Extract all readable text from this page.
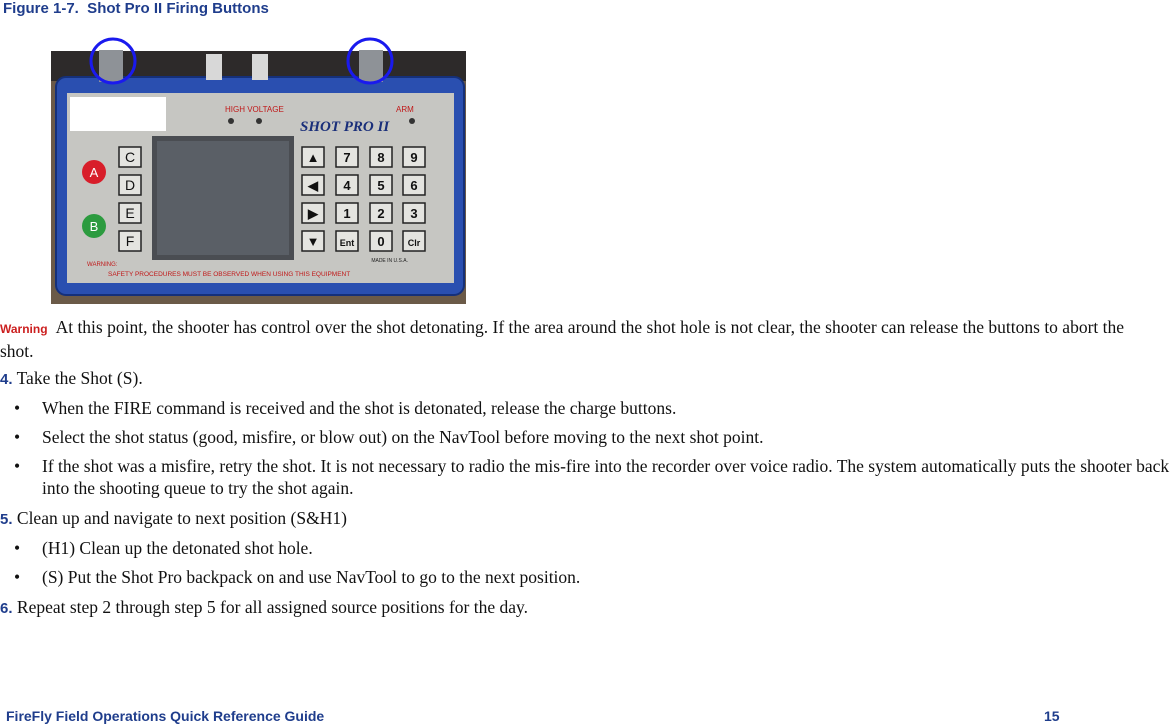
Figure 1-7.  Shot Pro II Firing Buttons
HIGH VOLTAGE	ARM
SHOT PRO II
A
B
C
D
E
F
▲ 7 8 9
◀ 4 5 6
▶ 1 2 3
▼ Ent 0	Clr
WARNING:
MADE IN U.S.A.
SAFETY PROCEDURES MUST BE OBSERVED WHEN USING THIS EQUIPMENT
Warning At this point, the shooter has control over the shot detonating. If the area around the shot hole is not clear, the shooter can release the buttons to abort the shot.
4. Take the Shot (S).
• When the FIRE command is received and the shot is detonated, release the charge buttons.
• Select the shot status (good, misfire, or blow out) on the NavTool before moving to the next shot point.
• If the shot was a misfire, retry the shot. It is not necessary to radio the mis-fire into the recorder over voice radio. The system automatically puts the shooter back into the shooting queue to try the shot again.
5. Clean up and navigate to next position (S&H1)
• (H1) Clean up the detonated shot hole.
• (S) Put the Shot Pro backpack on and use NavTool to go to the next position.
6. Repeat step 2 through step 5 for all assigned source positions for the day.
FireFly Field Operations Quick Reference Guide	15
